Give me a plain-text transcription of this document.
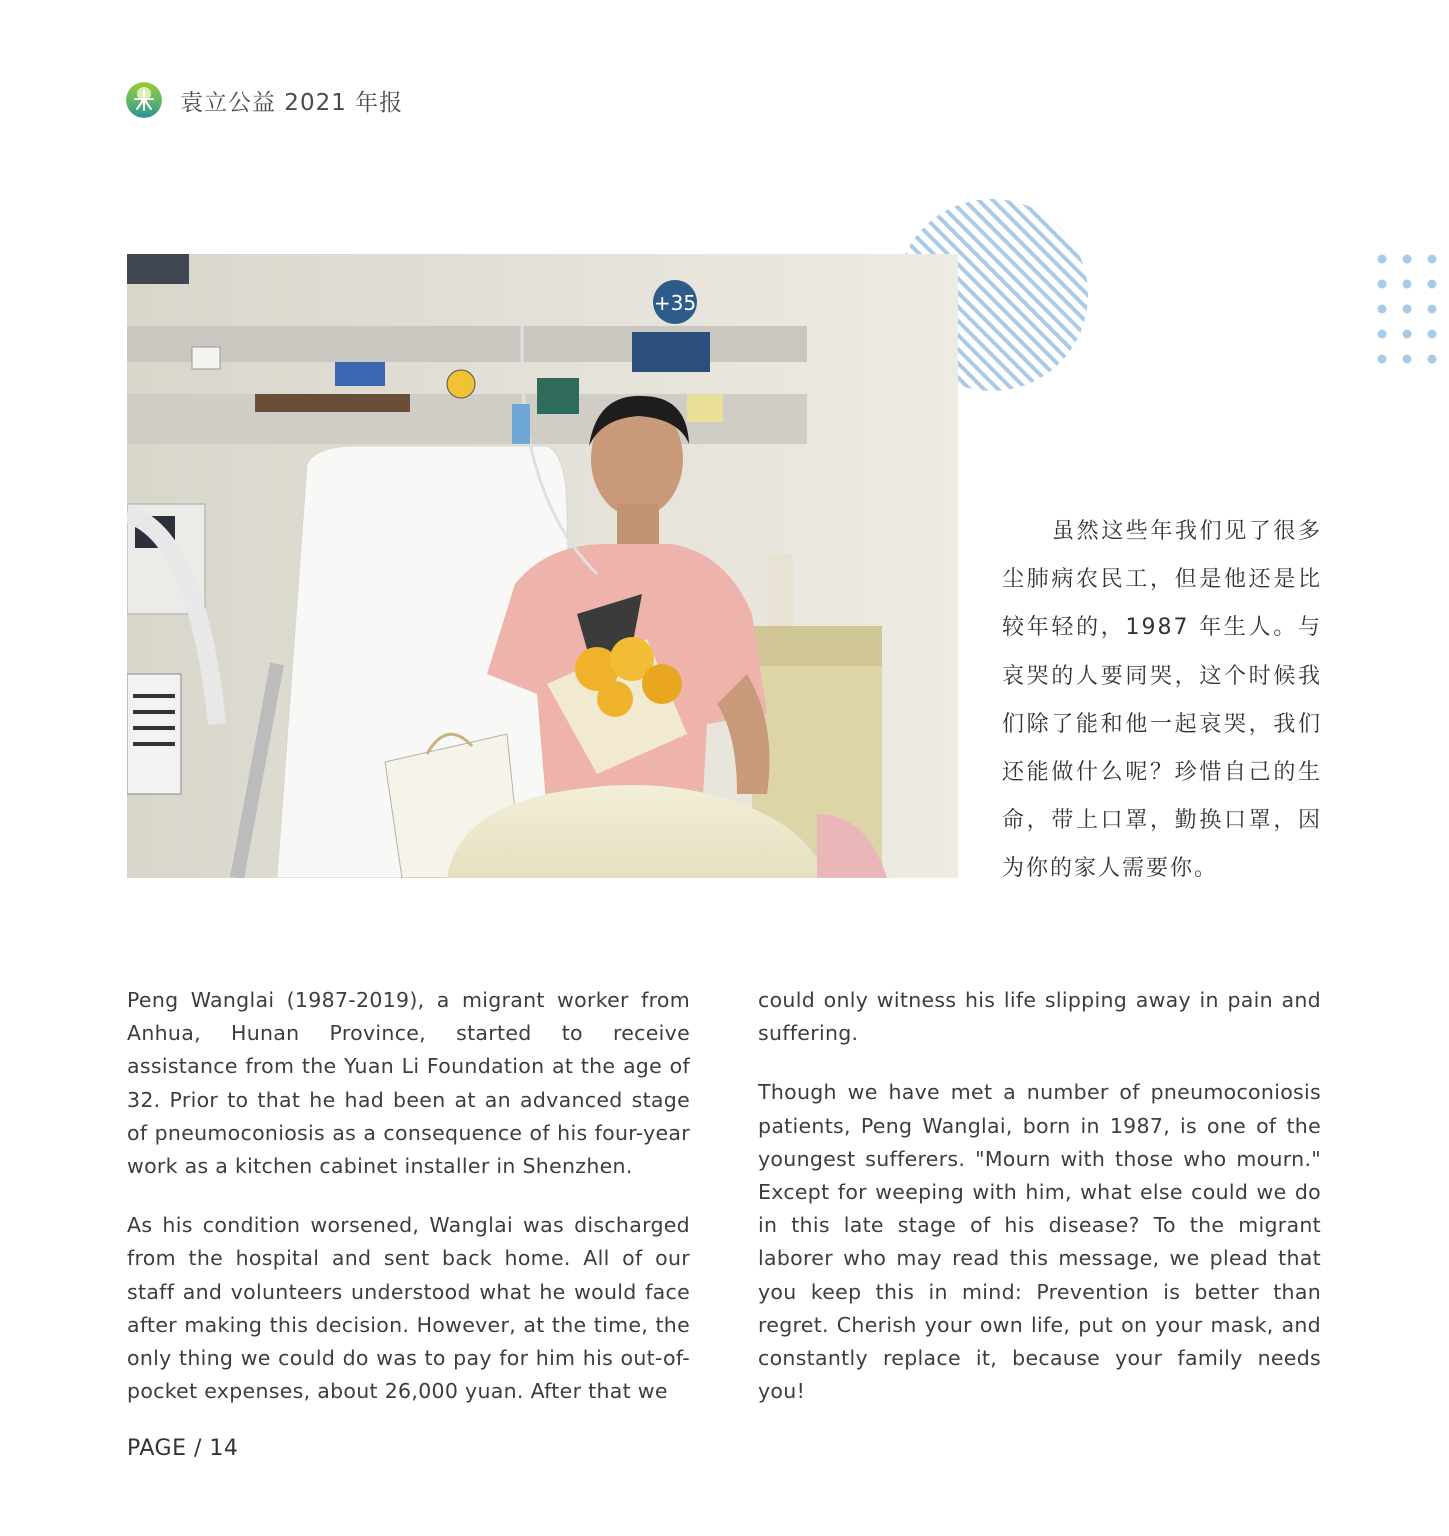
袁立公益 2021 年报
+35

虽然这些年我们见了很多尘肺病农民工，但是他还是比较年轻的，1987 年生人。与哀哭的人要同哭，这个时候我们除了能和他一起哀哭，我们还能做什么呢？珍惜自己的生命，带上口罩，勤换口罩，因为你的家人需要你。

Peng Wanglai (1987-2019), a migrant worker from Anhua, Hunan Province, started to receive assistance from the Yuan Li Foundation at the age of 32. Prior to that he had been at an advanced stage of pneumoconiosis as a consequence of his four-year work as a kitchen cabinet installer in Shenzhen.

As his condition worsened, Wanglai was discharged from the hospital and sent back home. All of our staff and volunteers understood what he would face after making this decision. However, at the time, the only thing we could do was to pay for him his out-of-pocket expenses, about 26,000 yuan. After that we

could only witness his life slipping away in pain and suffering.

Though we have met a number of pneumoconiosis patients, Peng Wanglai, born in 1987, is one of the youngest sufferers. "Mourn with those who mourn." Except for weeping with him, what else could we do in this late stage of his disease? To the migrant laborer who may read this message, we plead that you keep this in mind: Prevention is better than regret. Cherish your own life, put on your mask, and constantly replace it, because your family needs you!

PAGE / 14
